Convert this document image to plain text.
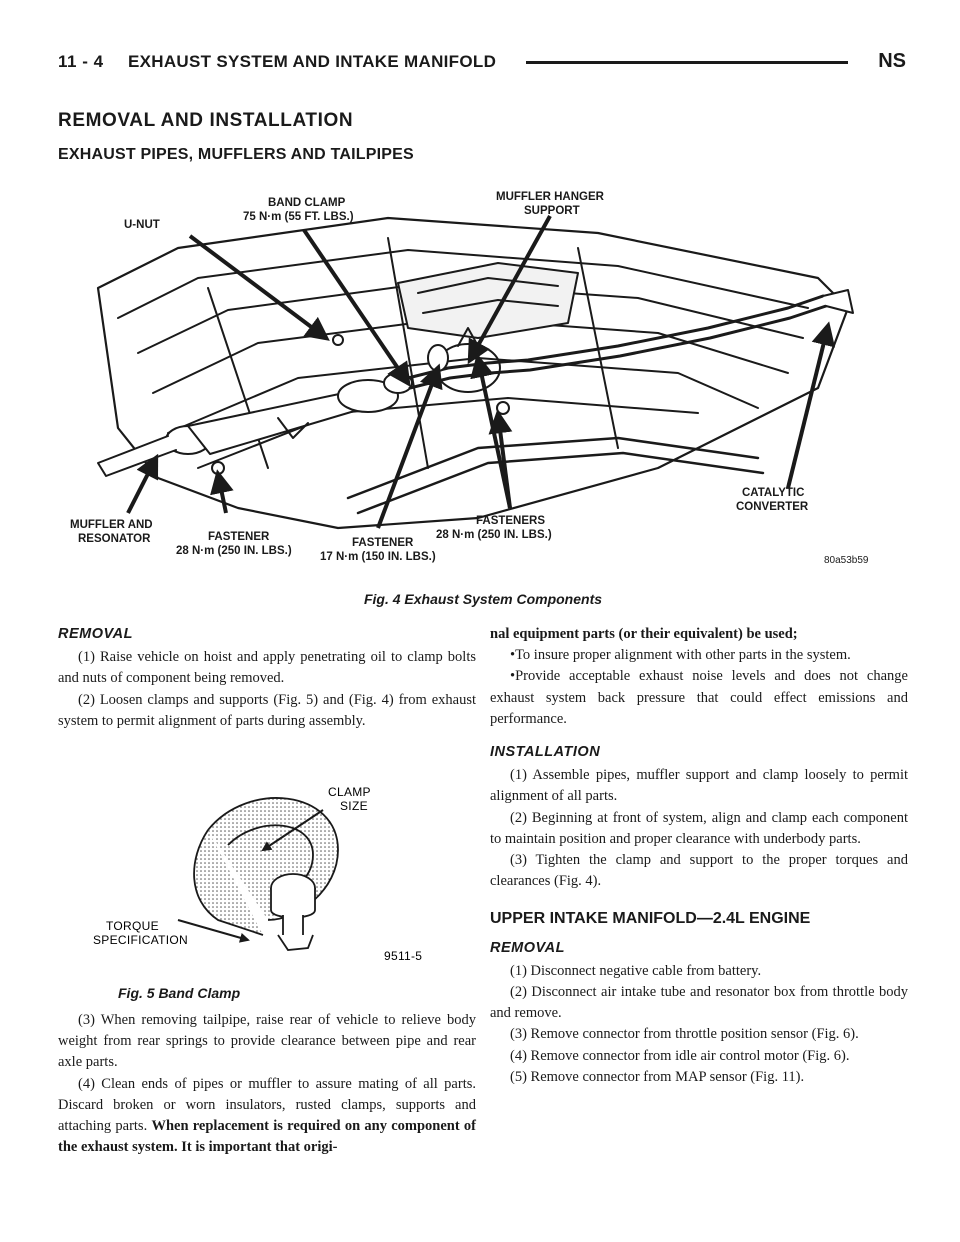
11 - 4 EXHAUST SYSTEM AND INTAKE MANIFOLD	NS
REMOVAL AND INSTALLATION
EXHAUST PIPES, MUFFLERS AND TAILPIPES
U-NUT
BAND CLAMP
75 N·m (55 FT. LBS.)
MUFFLER HANGER
SUPPORT
MUFFLER AND
RESONATOR	FASTENER
28 N·m (250 IN. LBS.)
FASTENER
17 N·m (150 IN. LBS.)
FASTENERS
28 N·m (250 IN. LBS.)
CATALYTIC
CONVERTER
80a53b59
Fig. 4 Exhaust System Components
REMOVAL

(1) Raise vehicle on hoist and apply penetrating oil to clamp bolts and nuts of component being removed.

(2) Loosen clamps and supports (Fig. 5) and (Fig. 4) from exhaust system to permit alignment of parts during assembly.

CLAMP
SIZE
TORQUE
SPECIFICATION
9511-5
Fig. 5 Band Clamp

(3) When removing tailpipe, raise rear of vehicle to relieve body weight from rear springs to provide clearance between pipe and rear axle parts.

(4) Clean ends of pipes or muffler to assure mating of all parts. Discard broken or worn insulators, rusted clamps, supports and attaching parts. When replacement is required on any component of the exhaust system. It is important that origi-

nal equipment parts (or their equivalent) be used;

•To insure proper alignment with other parts in the system.

•Provide acceptable exhaust noise levels and does not change exhaust system back pressure that could effect emissions and performance.

INSTALLATION

(1) Assemble pipes, muffler support and clamp loosely to permit alignment of all parts.

(2) Beginning at front of system, align and clamp each component to maintain position and proper clearance with underbody parts.

(3) Tighten the clamp and support to the proper torques and clearances (Fig. 4).

UPPER INTAKE MANIFOLD—2.4L ENGINE
REMOVAL

(1) Disconnect negative cable from battery.

(2) Disconnect air intake tube and resonator box from throttle body and remove.

(3) Remove connector from throttle position sensor (Fig. 6).

(4) Remove connector from idle air control motor (Fig. 6).

(5) Remove connector from MAP sensor (Fig. 11).
